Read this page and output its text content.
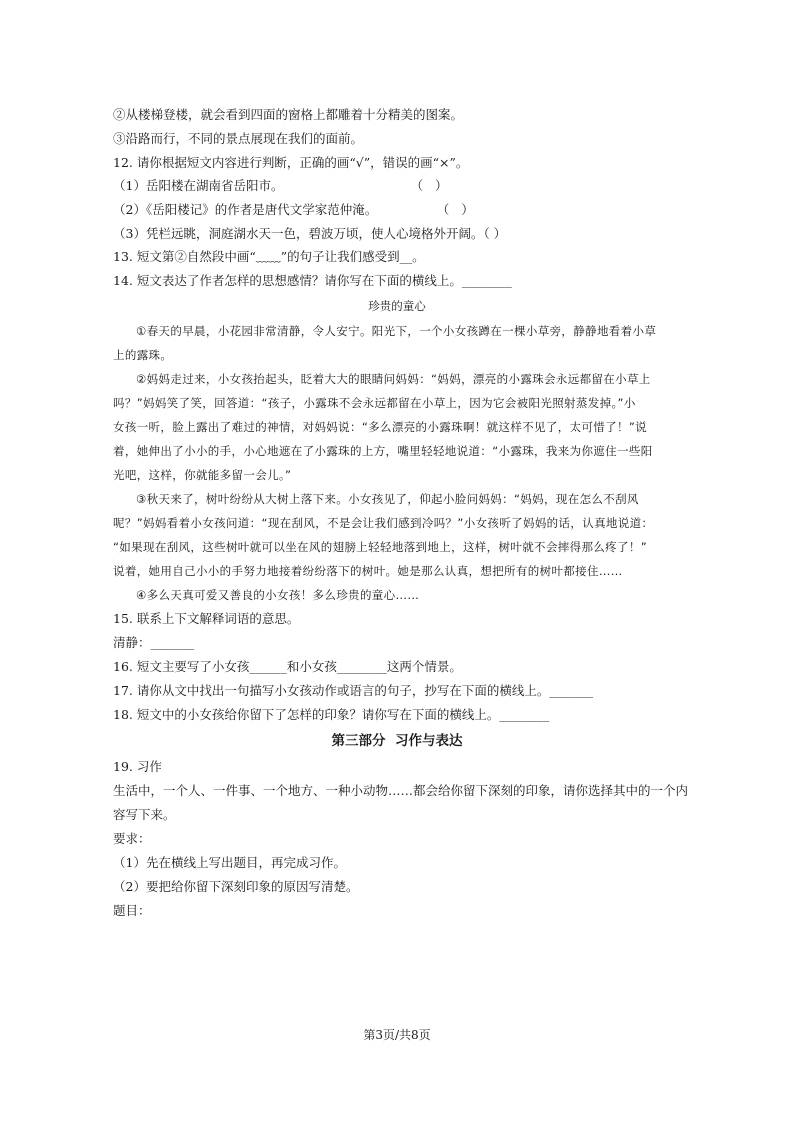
②从楼梯登楼，就会看到四面的窗格上都雕着十分精美的图案。
③沿路而行，不同的景点展现在我们的面前。
12. 请你根据短文内容进行判断，正确的画“√”，错误的画“×”。
（1）岳阳楼在湖南省岳阳市。                                （   ）
（2）《岳阳楼记》的作者是唐代文学家范仲淹。               （   ）
（3）凭栏远眺，洞庭湖水天一色，碧波万顷，使人心境格外开阔。（ ）
13. 短文第②自然段中画“﹏﹏”的句子让我们感受到__。
14. 短文表达了作者怎样的思想感情？请你写在下面的横线上。________
珍贵的童心
①春天的早晨，小花园非常清静，令人安宁。阳光下，一个小女孩蹲在一棵小草旁，静静地看着小草
上的露珠。
②妈妈走过来，小女孩抬起头，眨着大大的眼睛问妈妈：“妈妈，漂亮的小露珠会永远都留在小草上
吗？”妈妈笑了笑，回答道：“孩子，小露珠不会永远都留在小草上，因为它会被阳光照射蒸发掉。”小
女孩一听，脸上露出了难过的神情，对妈妈说：“多么漂亮的小露珠啊！就这样不见了，太可惜了！”说
着，她伸出了小小的手，小心地遮在了小露珠的上方，嘴里轻轻地说道：“小露珠，我来为你遮住一些阳
光吧，这样，你就能多留一会儿。”
③秋天来了，树叶纷纷从大树上落下来。小女孩见了，仰起小脸问妈妈：“妈妈，现在怎么不刮风
呢？”妈妈看着小女孩问道：“现在刮风，不是会让我们感到冷吗？”小女孩听了妈妈的话，认真地说道：
“如果现在刮风，这些树叶就可以坐在风的翅膀上轻轻地落到地上，这样，树叶就不会摔得那么疼了！”
说着，她用自己小小的手努力地接着纷纷落下的树叶。她是那么认真，想把所有的树叶都接住……
④多么天真可爱又善良的小女孩！多么珍贵的童心……
15. 联系上下文解释词语的意思。
清静：_______
16. 短文主要写了小女孩______和小女孩________这两个情景。
17. 请你从文中找出一句描写小女孩动作或语言的句子，抄写在下面的横线上。_______
18. 短文中的小女孩给你留下了怎样的印象？请你写在下面的横线上。________
第三部分  习作与表达
19. 习作
生活中，一个人、一件事、一个地方、一种小动物……都会给你留下深刻的印象，请你选择其中的一个内
容写下来。
要求：
（1）先在横线上写出题目，再完成习作。
（2）要把给你留下深刻印象的原因写清楚。
题目：
第3页/共8页
